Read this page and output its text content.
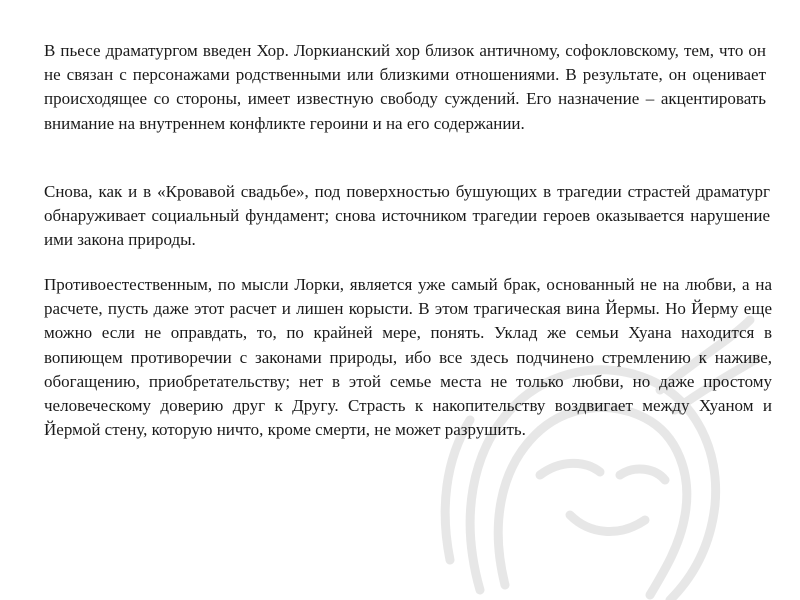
В пьесе драматургом введен Хор. Лоркианский хор близок античному, софокловскому, тем, что он не связан с персонажами родственными или близкими отношениями. В результате, он оценивает происходящее со стороны, имеет известную свободу суждений. Его назначение – акцентировать внимание на внутреннем конфликте героини и на его содержании.

Снова, как и в «Кровавой свадьбе», под поверхностью бушующих в трагедии страстей драматург обнаруживает социальный фундамент; снова источником трагедии героев оказывается нарушение ими закона природы.

Противоестественным, по мысли Лорки, является уже самый брак, основанный не на любви, а на расчете, пусть даже этот расчет и лишен корысти. В этом трагическая вина Йермы. Но Йерму еще можно если не оправдать, то, по крайней мере, понять. Уклад же семьи Хуана находится в вопиющем противоречии с законами природы, ибо все здесь подчинено стремлению к наживе, обогащению, приобретательству; нет в этой семье места не только любви, но даже простому человеческому доверию друг к Другу. Страсть к накопительству воздвигает между Хуаном и Йермой стену, которую ничто, кроме смерти, не может разрушить.
